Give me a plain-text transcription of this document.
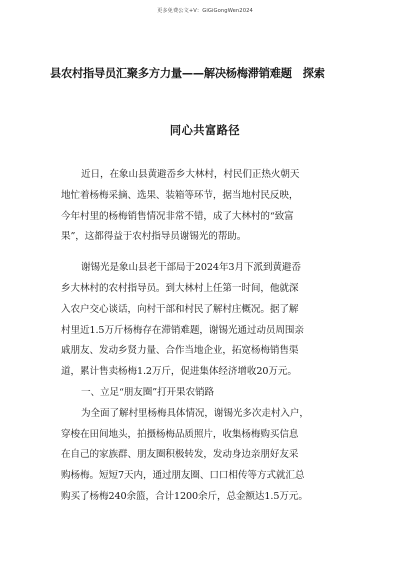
更多免费公文+V：GiGiGongWen2024
县农村指导员汇聚多方力量——解决杨梅滞销难题　探索
同心共富路径
近日，在象山县黄避岙乡大林村，村民们正热火朝天
地忙着杨梅采摘、选果、装箱等环节，据当地村民反映，
今年村里的杨梅销售情况非常不错，成了大林村的“致富
果”，这都得益于农村指导员谢锡光的帮助。
谢锡光是象山县老干部局于2024年3月下派到黄避岙
乡大林村的农村指导员。到大林村上任第一时间，他就深
入农户交心谈话，向村干部和村民了解村庄概况。据了解
村里近1.5万斤杨梅存在滞销难题，谢锡光通过动员周围亲
戚朋友、发动乡贤力量、合作当地企业，拓宽杨梅销售渠
道，累计售卖杨梅1.2万斤，促进集体经济增收20万元。
一、立足“朋友圈”打开果农销路
为全面了解村里杨梅具体情况，谢锡光多次走村入户，
穿梭在田间地头，拍摄杨梅品质照片，收集杨梅购买信息
在自己的家族群、朋友圈积极转发，发动身边亲朋好友采
购杨梅。短短7天内，通过朋友圈、口口相传等方式就汇总
购买了杨梅240余篮，合计1200余斤，总金额达1.5万元。
